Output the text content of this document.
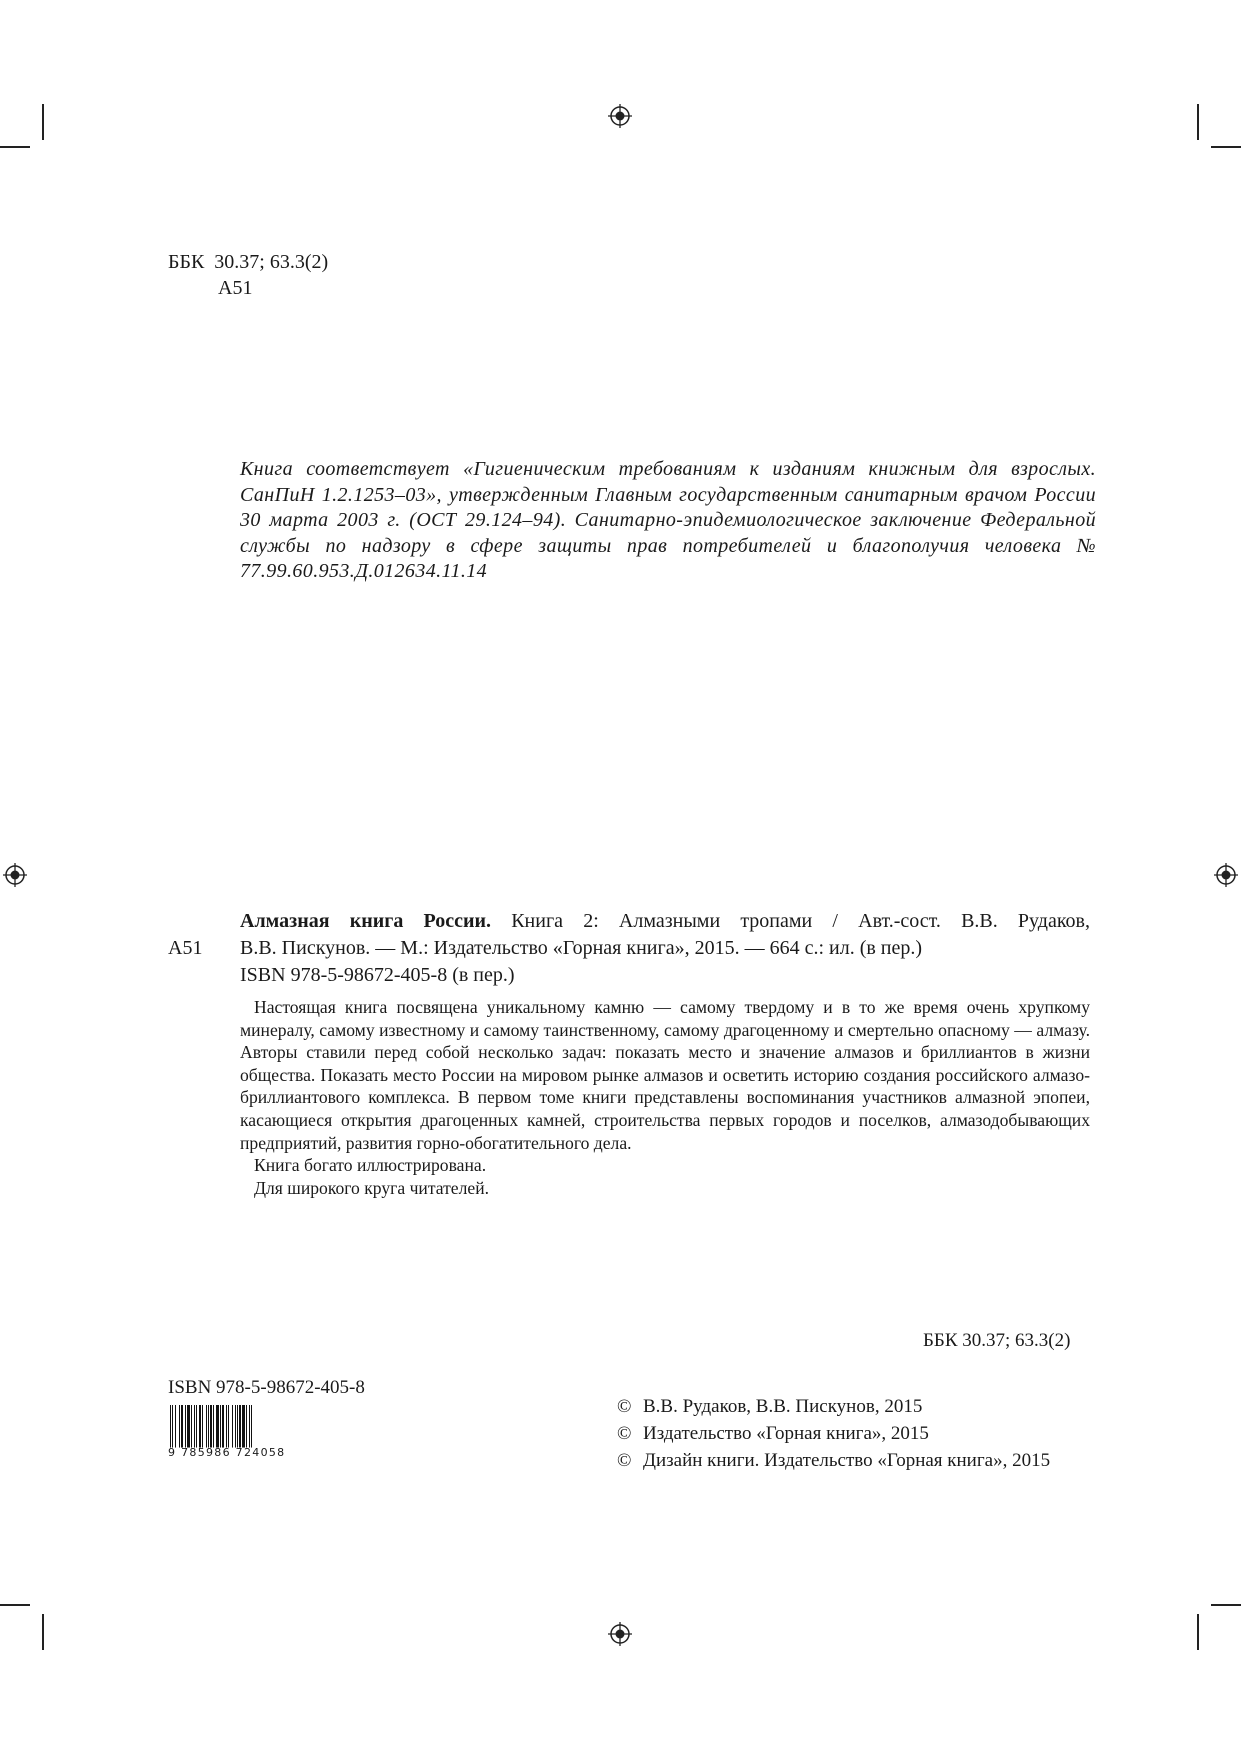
ББК  30.37; 63.3(2)
А51
Книга соответствует «Гигиеническим требованиям к изданиям книжным для взрослых. СанПиН 1.2.1253–03», утвержденным Главным государственным санитарным врачом России 30 марта 2003 г. (ОСТ 29.124–94). Санитарно-эпидемиологическое заключение Федеральной службы по надзору в сфере защиты прав потребителей и благополучия человека № 77.99.60.953.Д.012634.11.14
А51

Алмазная книга России. Книга 2: Алмазными тропами / Авт.-сост. В.В. Рудаков,

В.В. Пискунов. — М.: Издательство «Горная книга», 2015. — 664 с.: ил. (в пер.)

ISBN 978-5-98672-405-8 (в пер.)

Настоящая книга посвящена уникальному камню — самому твердому и в то же время очень хрупкому минералу, самому известному и самому таинственному, самому драгоценному и смертельно опасному — алмазу. Авторы ставили перед собой несколько задач: показать место и значение алмазов и бриллиантов в жизни общества. Показать место России на мировом рынке алмазов и осветить историю создания российского алмазо-бриллиантового комплекса. В первом томе книги представлены воспоминания участников алмазной эпопеи, касающиеся открытия драгоценных камней, строительства первых городов и поселков, алмазодобывающих предприятий, развития горно-обогатительного дела.

Книга богато иллюстрирована.

Для широкого круга читателей.

ББК 30.37; 63.3(2)
ISBN 978-5-98672-405-8
9 785986 724058
© В.В. Рудаков, В.В. Пискунов, 2015
© Издательство «Горная книга», 2015
© Дизайн книги. Издательство «Горная книга», 2015
